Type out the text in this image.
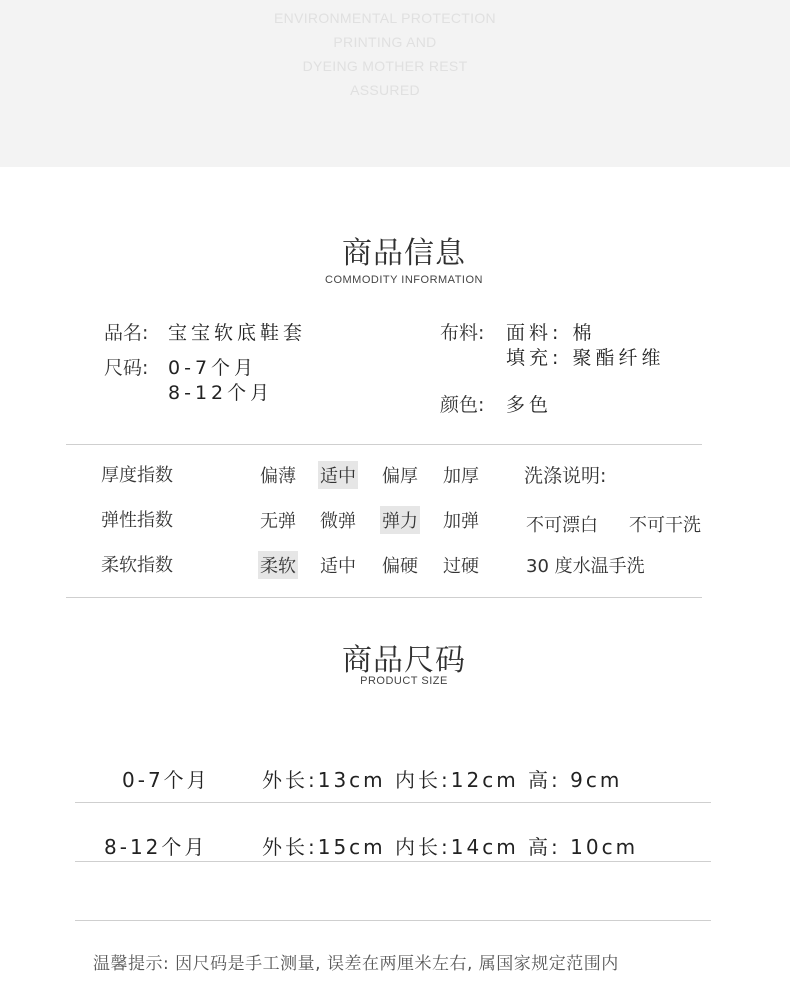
ENVIRONMENTAL PROTECTION
PRINTING AND
DYEING MOTHER REST
ASSURED
商品信息
COMMODITY INFORMATION
品名: 宝宝软底鞋套
尺码: 0-7个月
8-12个月
布料: 面料: 棉
填充: 聚酯纤维
颜色: 多色
厚度指数	偏薄 适中 偏厚 加厚
弹性指数	无弹 微弹 弹力 加弹
柔软指数	柔软 适中 偏硬 过硬
洗涤说明:
不可漂白 不可干洗
30 度水温手洗
商品尺码
PRODUCT SIZE
0-7个月	外长:13cm 内长:12cm 高: 9cm
8-12个月	外长:15cm 内长:14cm 高: 10cm
温馨提示: 因尺码是手工测量, 误差在两厘米左右, 属国家规定范围内
